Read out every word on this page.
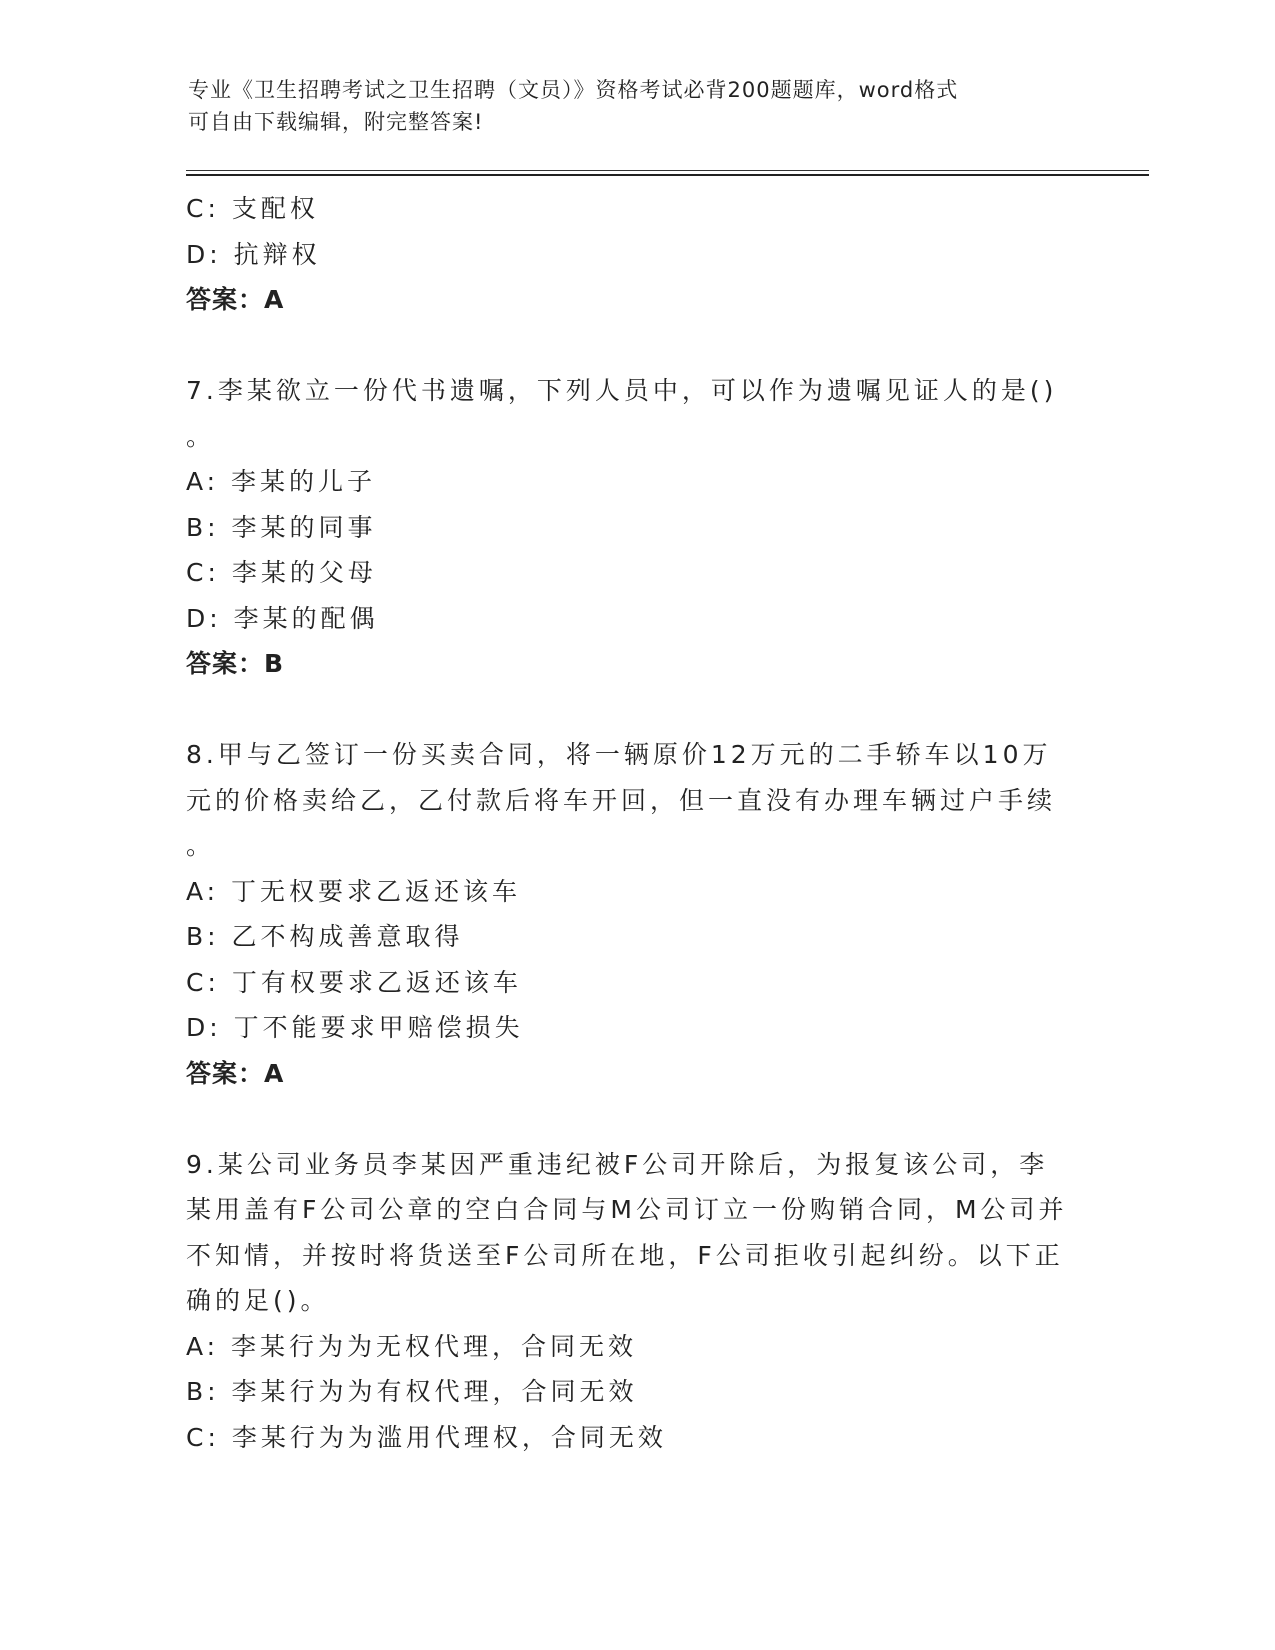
专业《卫生招聘考试之卫生招聘（文员）》资格考试必背200题题库，word格式
可自由下载编辑，附完整答案!
C: 支配权
D: 抗辩权
答案：A
7.李某欲立一份代书遗嘱，下列人员中，可以作为遗嘱见证人的是()
。
A: 李某的儿子
B: 李某的同事
C: 李某的父母
D: 李某的配偶
答案：B
8.甲与乙签订一份买卖合同，将一辆原价12万元的二手轿车以10万
元的价格卖给乙，乙付款后将车开回，但一直没有办理车辆过户手续
。
A: 丁无权要求乙返还该车
B: 乙不构成善意取得
C: 丁有权要求乙返还该车
D: 丁不能要求甲赔偿损失
答案：A
9.某公司业务员李某因严重违纪被F公司开除后，为报复该公司，李
某用盖有F公司公章的空白合同与M公司订立一份购销合同，M公司并
不知情，并按时将货送至F公司所在地，F公司拒收引起纠纷。以下正
确的足()。
A: 李某行为为无权代理，合同无效
B: 李某行为为有权代理，合同无效
C: 李某行为为滥用代理权，合同无效
